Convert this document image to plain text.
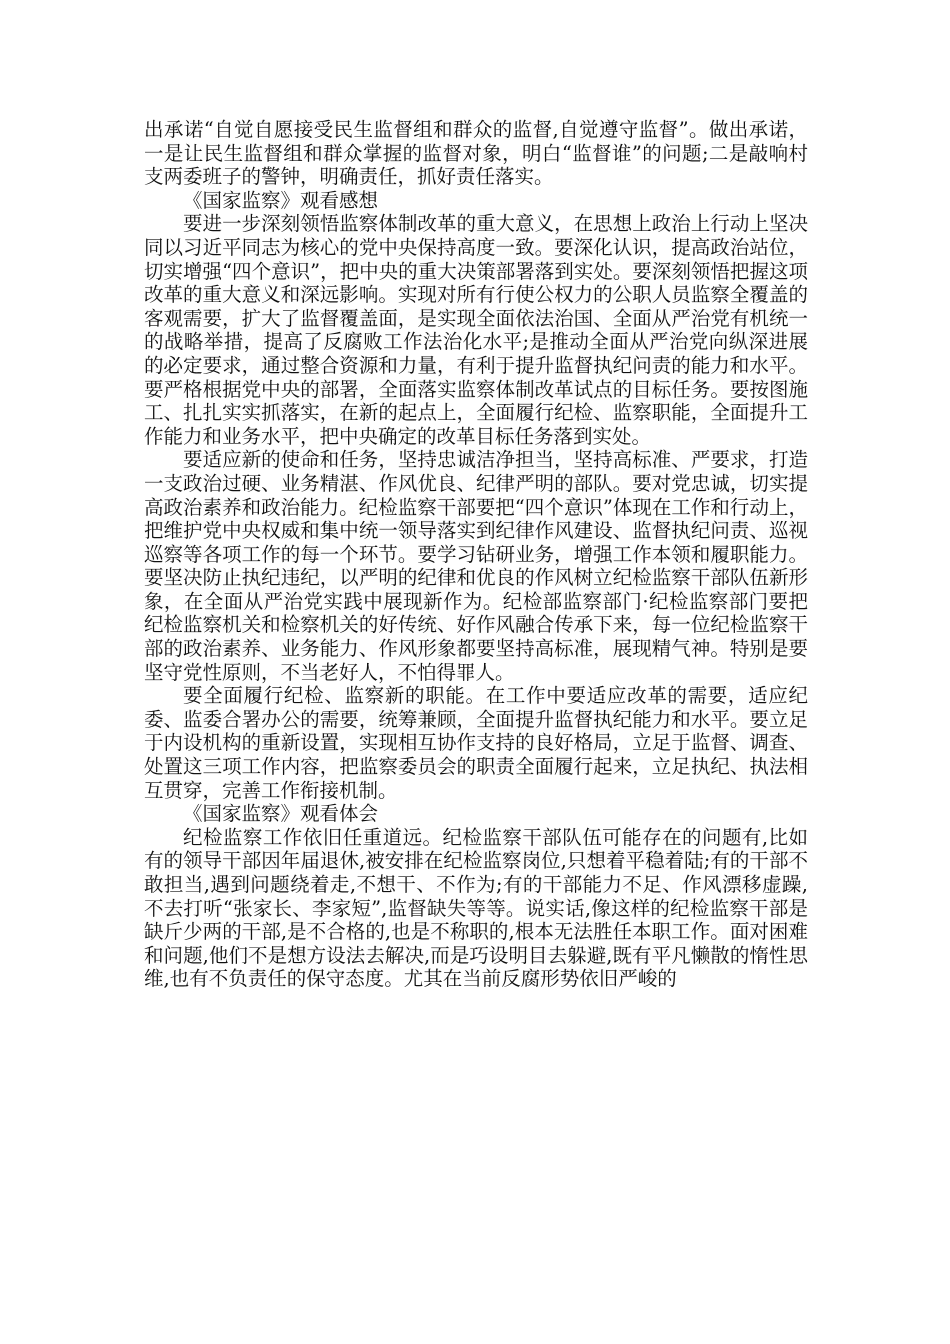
出承诺“自觉自愿接受民生监督组和群众的监督,自觉遵守监督”。做出承诺，一是让民生监督组和群众掌握的监督对象，明白“监督谁”的问题;二是敲响村支两委班子的警钟，明确责任，抓好责任落实。

《国家监察》观看感想

要进一步深刻领悟监察体制改革的重大意义，在思想上政治上行动上坚决同以习近平同志为核心的党中央保持高度一致。要深化认识，提高政治站位，切实增强“四个意识”，把中央的重大决策部署落到实处。要深刻领悟把握这项改革的重大意义和深远影响。实现对所有行使公权力的公职人员监察全覆盖的客观需要，扩大了监督覆盖面，是实现全面依法治国、全面从严治党有机统一的战略举措，提高了反腐败工作法治化水平;是推动全面从严治党向纵深进展的必定要求，通过整合资源和力量，有利于提升监督执纪问责的能力和水平。要严格根据党中央的部署，全面落实监察体制改革试点的目标任务。要按图施工、扎扎实实抓落实，在新的起点上，全面履行纪检、监察职能，全面提升工作能力和业务水平，把中央确定的改革目标任务落到实处。

要适应新的使命和任务，坚持忠诚洁净担当，坚持高标准、严要求，打造一支政治过硬、业务精湛、作风优良、纪律严明的部队。要对党忠诚，切实提高政治素养和政治能力。纪检监察干部要把“四个意识”体现在工作和行动上，把维护党中央权威和集中统一领导落实到纪律作风建设、监督执纪问责、巡视巡察等各项工作的每一个环节。要学习钻研业务，增强工作本领和履职能力。要坚决防止执纪违纪，以严明的纪律和优良的作风树立纪检监察干部队伍新形象，在全面从严治党实践中展现新作为。纪检部监察部门·纪检监察部门要把纪检监察机关和检察机关的好传统、好作风融合传承下来，每一位纪检监察干部的政治素养、业务能力、作风形象都要坚持高标准，展现精气神。特别是要坚守党性原则，不当老好人，不怕得罪人。

要全面履行纪检、监察新的职能。在工作中要适应改革的需要，适应纪委、监委合署办公的需要，统筹兼顾，全面提升监督执纪能力和水平。要立足于内设机构的重新设置，实现相互协作支持的良好格局，立足于监督、调查、处置这三项工作内容，把监察委员会的职责全面履行起来，立足执纪、执法相互贯穿，完善工作衔接机制。

《国家监察》观看体会

纪检监察工作依旧任重道远。纪检监察干部队伍可能存在的问题有,比如有的领导干部因年届退休,被安排在纪检监察岗位,只想着平稳着陆;有的干部不敢担当,遇到问题绕着走,不想干、不作为;有的干部能力不足、作风漂移虚躁,不去打听“张家长、李家短”,监督缺失等等。说实话,像这样的纪检监察干部是缺斤少两的干部,是不合格的,也是不称职的,根本无法胜任本职工作。面对困难和问题,他们不是想方设法去解决,而是巧设明目去躲避,既有平凡懒散的惰性思维,也有不负责任的保守态度。尤其在当前反腐形势依旧严峻的
